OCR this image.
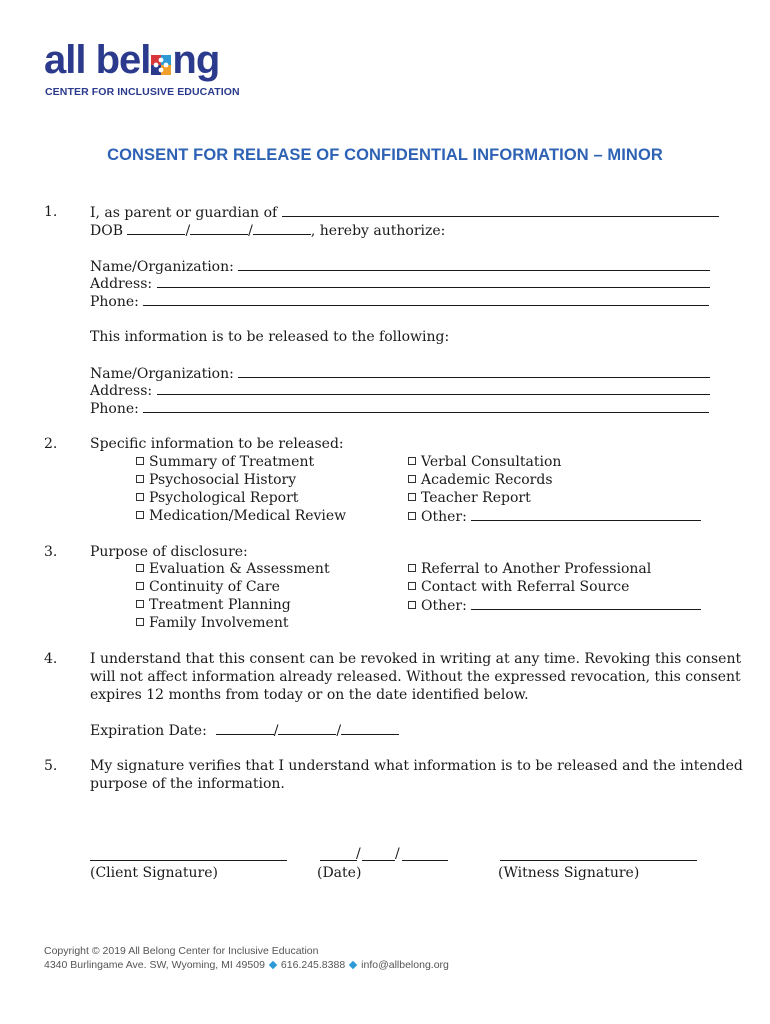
all bel ng
CENTER FOR INCLUSIVE EDUCATION
CONSENT FOR RELEASE OF CONFIDENTIAL INFORMATION – MINOR
1. I, as parent or guardian of
DOB	/	/	, hereby authorize:
Name/Organization:
Address:
Phone:
This information is to be released to the following:
Name/Organization:
Address:
Phone:
2. Specific information to be released:
Summary of Treatment
Psychosocial History
Psychological Report
Medication/Medical Review
Verbal Consultation
Academic Records
Teacher Report
Other:
3. Purpose of disclosure:
Evaluation & Assessment
Continuity of Care
Treatment Planning
Family Involvement
Referral to Another Professional
Contact with Referral Source
Other:
4. I understand that this consent can be revoked in writing at any time. Revoking this consent
will not affect information already released. Without the expressed revocation, this consent
expires 12 months from today or on the date identified below.
Expiration Date:	/	/
5. My signature verifies that I understand what information is to be released and the intended
purpose of the information.
/ /
(Client Signature)	(Date)	(Witness Signature)
Copyright © 2019 All Belong Center for Inclusive Education
4340 Burlingame Ave. SW, Wyoming, MI 49509 616.245.8388 info@allbelong.org
